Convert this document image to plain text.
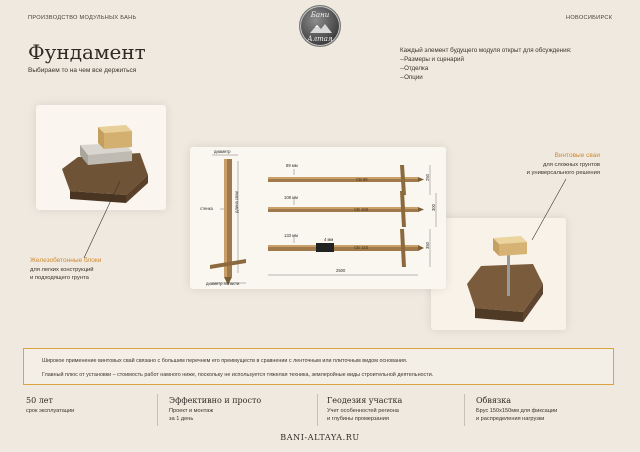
ПРОИЗВОДСТВО МОДУЛЬНЫХ БАНЬ	НОВОСИБИРСК
Бани
Алтая
Фундамент
Выбираем то на чем все держиться
Каждый элемент будущего модуля открыт для обсуждения:
--Размеры и сценарий
--Отделка
--Опции
Железобетонные блоки
для легких конструкций
и подходящего грунта
Винтовые сваи
для сложных грунтов
и универсального решения
диаметр
стенка	длина сваи
диаметр лопасти
89 мм
СВ 89	250
108 мм
СВ 108	300
133 мм
4 мм
СВ 133	350
2500

Широкое применение винтовых свай связано с большим перечнем его преимуществ в сравнении с ленточным или плиточным видом основания.

Главный плюс от установки – стоимость работ намного ниже, поскольку не используется тяжелая техника, землеройные виды строительной деятельности.

50 лет
срок эксплуатации
Эффективно и просто
Проект и монтаж
за 1 день
Геодезия участка
Учет особенностей региона
и глубины промерзания
Обвязка
Брус 150x150мм для фиксации
и распределения нагрузки
BANI-ALTAYA.RU
